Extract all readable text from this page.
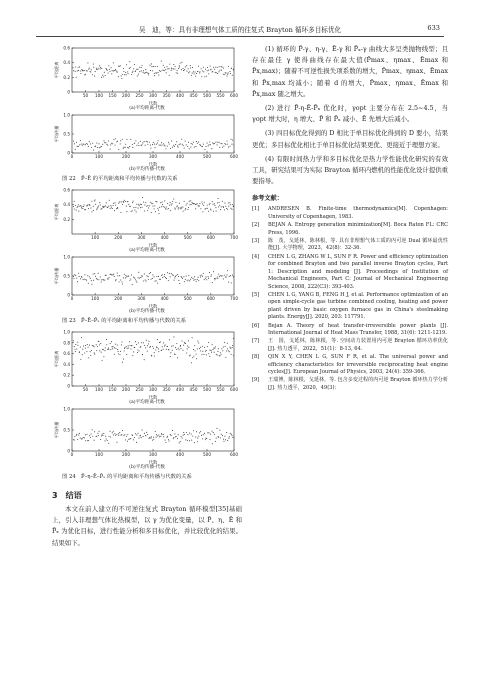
吴　迪，等：具有非理想气体工质的往复式 Brayton 循环多目标优化	633
50 100 150 200 250 300 350 400 450 500 550 600
0
0.2
0.4
0.6
代数
平均距离
(a)平均距离-代数
0	100	200	300	400	500	600
0
0.5
1.0
代数
平均传播
(b)平均传播-代数
图 22　P̄–Ē 的平均距离和平均传播与代数的关系
100	200	300	400	500	600	700
0.2
0.4
0.6
代数
平均距离
(a)平均距离-代数
0	100	200	300	400	500	600	700
0
0.5
1.0
代数
平均传播
(b)平均传播-代数
图 23　P̄–Ē–P̄ₓ 的平均距离和平均传播与代数的关系
50 100 150 200 250 300 350 400 450 500 550 600
0
0.2
0.4
0.6
0.8
1.0
代数
平均距离
(a)平均距离-代数
0	100	200	300	400	500	600
0
0.5
1.0
代数
平均传播
(b)平均传播-代数
图 24　P̄–η–Ē–P̄ₓ 的平均距离和平均传播与代数的关系
3　结语

本文在前人建立的不可逆往复式 Brayton 循环模型[35]基础上，引入非理想气体比热模型，以 γ 为优化变量，以 P̄、η、Ē 和 P̄ₓ 为优化目标，进行性能分析和多目标优化，并比较优化的结果。结果如下。

(1) 循环的 P̄-γ、η-γ、Ē-γ 和 P̄ₓ-γ 曲线大多呈类抛物线型；且存在最佳 γ 使得曲线存在最大值(P̄max、ηmax、Ēmax 和 P̄x,max)；随着不可逆性损失项系数的增大，P̄max、ηmax、Ēmax 和 P̄x,max 均减小；随着 d 的增大，P̄max、ηmax、Ēmax 和 P̄x,max 随之增大。

(2) 进行 P̄-η-Ē-P̄ₓ 优化时，γopt 主要分布在 2.5~4.5，当 γopt 增大时，η 增大、P̄ 和 P̄ₓ 减小、Ē 先增大后减小。

(3) 四目标优化得到的 D 相比于单目标优化得到的 D 要小，结果更优；多目标优化相比于单目标优化结果更优、更接近于理想方案。

(4) 有限时间热力学和多目标优化是热力学性能优化研究的有效工具，研究结果可为实际 Brayton 循环内燃机的性能优化设计提供重要指导。

参考文献：
[1]	ANDRESEN B. Finite-time thermodynamics[M]. Copenhagen: University of Copenhagen, 1983.
[2]	BEJAN A. Entropy generation minimization[M]. Boca Raton FL: CRC Press, 1996.
[3]	陈　茂，戈延林，陈林根，等. 具有非理想气体工质的内可逆 Dual 循环最优性能[J]. 大学物理，2023，42(8)：32-36.
[4]	CHEN L G, ZHANG W L, SUN F R. Power and efficiency optimization for combined Brayton and two parallel inverse Brayton cycles, Part 1: Description and modeling [J]. Proceedings of Institution of Mechanical Engineers, Part C: Journal of Mechanical Engineering Science, 2008, 222(C3): 393-403.
[5]	CHEN L G, YANG B, FENG H J, et al. Performance optimization of an open simple-cycle gas turbine combined cooling, heating and power plant driven by basic oxygen furnace gas in China's steelmaking plants. Energy[J]. 2020, 203: 117791.
[6]	Bejan A. Theory of heat transfer-irreversible power plants [J]. International Journal of Heat Mass Transfer, 1988, 31(6): 1211-1219.
[7]	王　国，戈延林，陈林根，等. 空间动力装置用内可逆 Brayton 循环功率优化[J]. 热力透平，2022，51(1)：8-13, 64.
[8]	QIN X Y, CHEN L G, SUN F R, et al. The universal power and efficiency characteristics for irreversible reciprocating heat engine cycles[J]. European Journal of Physics, 2003, 24(4): 359-366.
[9]	王瑞博，陈林根，戈延林，等. 包含多变过程的内可逆 Brayton 循环热力学分析[J]. 热力透平，2020，49(3)：
